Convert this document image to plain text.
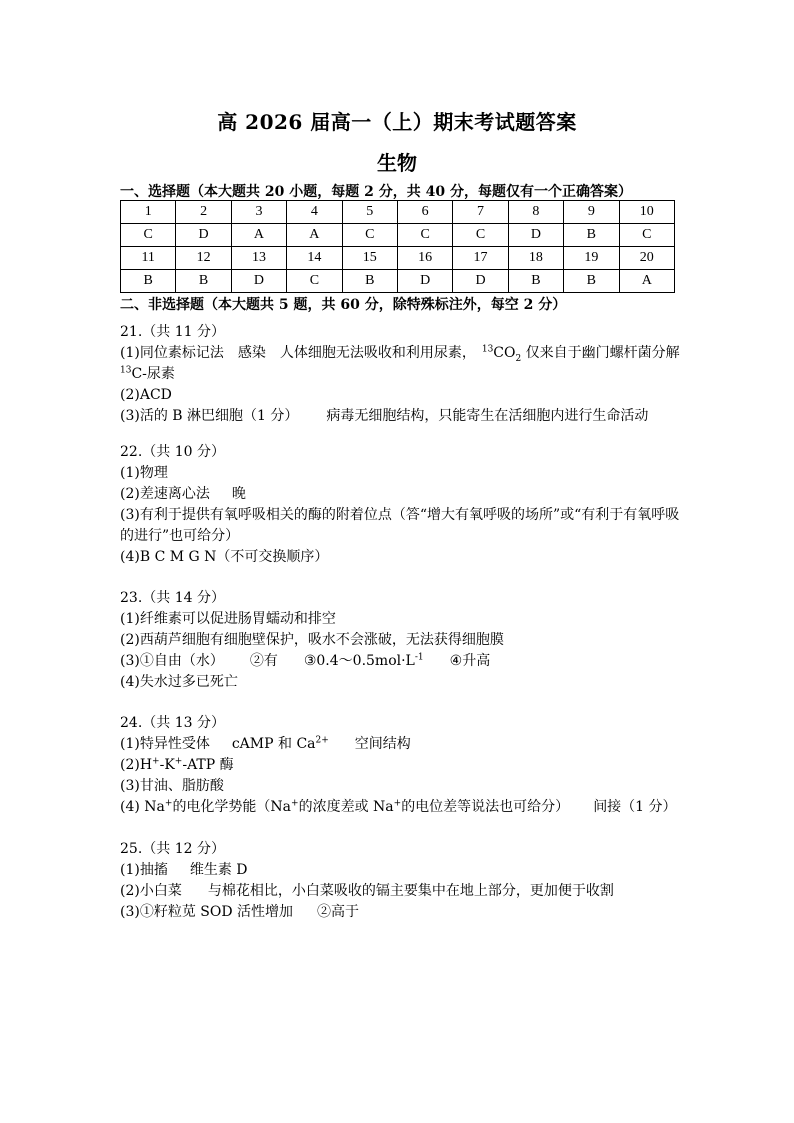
高 2026 届高一（上）期末考试题答案
生物
一、选择题（本大题共 20 小题，每题 2 分，共 40 分，每题仅有一个正确答案）
1	2	3	4	5	6	7	8	9	10
C	D	A	A	C	C	C	D	B	C
11	12	13	14	15	16	17	18	19	20
B	B	D	C	B	D	D	B	B	A
二、非选择题（本大题共 5 题，共 60 分，除特殊标注外，每空 2 分）
21.（共 11 分）
(1)同位素标记法 感染 人体细胞无法吸收和利用尿素， $^{13}CO_2$ 仅来自于幽门螺杆菌分解
$^{13}$C-尿素
(2)ACD
(3)活的 B 淋巴细胞（1 分） 病毒无细胞结构，只能寄生在活细胞内进行生命活动
22.（共 10 分）
(1)物理
(2)差速离心法 晚
(3)有利于提供有氧呼吸相关的酶的附着位点（答“增大有氧呼吸的场所”或“有利于有氧呼吸的进行”也可给分）
(4)B C M G N（不可交换顺序）
23.（共 14 分）
(1)纤维素可以促进肠胃蠕动和排空
(2)西葫芦细胞有细胞壁保护，吸水不会涨破，无法获得细胞膜
(3)①自由（水） ②有 $③0.4\sim 0.5mol\cdot L^{-1}$ ④升高
(4)失水过多已死亡
24.（共 13 分）
(1)特异性受体 cAMP 和 $Ca^{2+}$ 空间结构
(2)H+-K+-ATP 酶
(3)甘油、脂肪酸
(4) Na+的电化学势能（Na+的浓度差或 Na+的电位差等说法也可给分） 间接（1 分）
25.（共 12 分）
(1)抽搐 维生素 D
(2)小白菜 与棉花相比，小白菜吸收的镉主要集中在地上部分，更加便于收割
(3)①籽粒苋 SOD 活性增加 ②高于
